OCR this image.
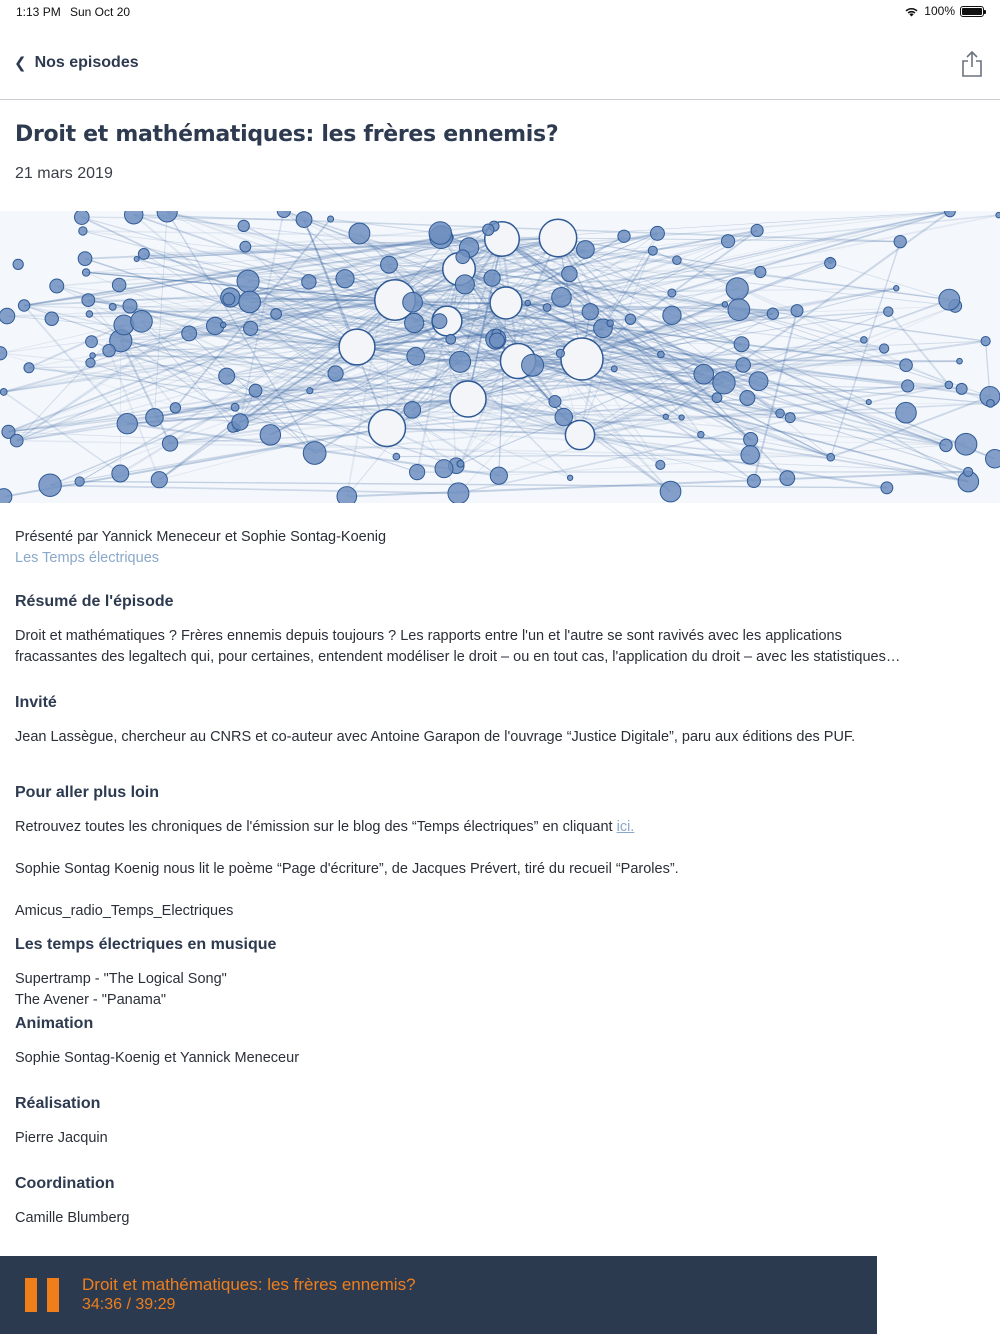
1:13 PM Sun Oct 20	100%
❮ Nos episodes
Droit et mathématiques: les frères ennemis?
21 mars 2019
Présenté par Yannick Meneceur et Sophie Sontag-Koenig
Les Temps électriques
Résumé de l'épisode
Droit et mathématiques ? Frères ennemis depuis toujours ? Les rapports entre l'un et l'autre se sont ravivés avec les applications
fracassantes des legaltech qui, pour certaines, entendent modéliser le droit – ou en tout cas, l'application du droit – avec les statistiques…
Invité
Jean Lassègue, chercheur au CNRS et co-auteur avec Antoine Garapon de l'ouvrage “Justice Digitale”, paru aux éditions des PUF.
Pour aller plus loin
Retrouvez toutes les chroniques de l'émission sur le blog des “Temps électriques” en cliquant ici.
Sophie Sontag Koenig nous lit le poème “Page d'écriture”, de Jacques Prévert, tiré du recueil “Paroles”.
Amicus_radio_Temps_Electriques
Les temps électriques en musique
Supertramp - "The Logical Song"
The Avener - "Panama"
Animation
Sophie Sontag-Koenig et Yannick Meneceur
Réalisation
Pierre Jacquin
Coordination
Camille Blumberg
Droit et mathématiques: les frères ennemis?
34:36 / 39:29
